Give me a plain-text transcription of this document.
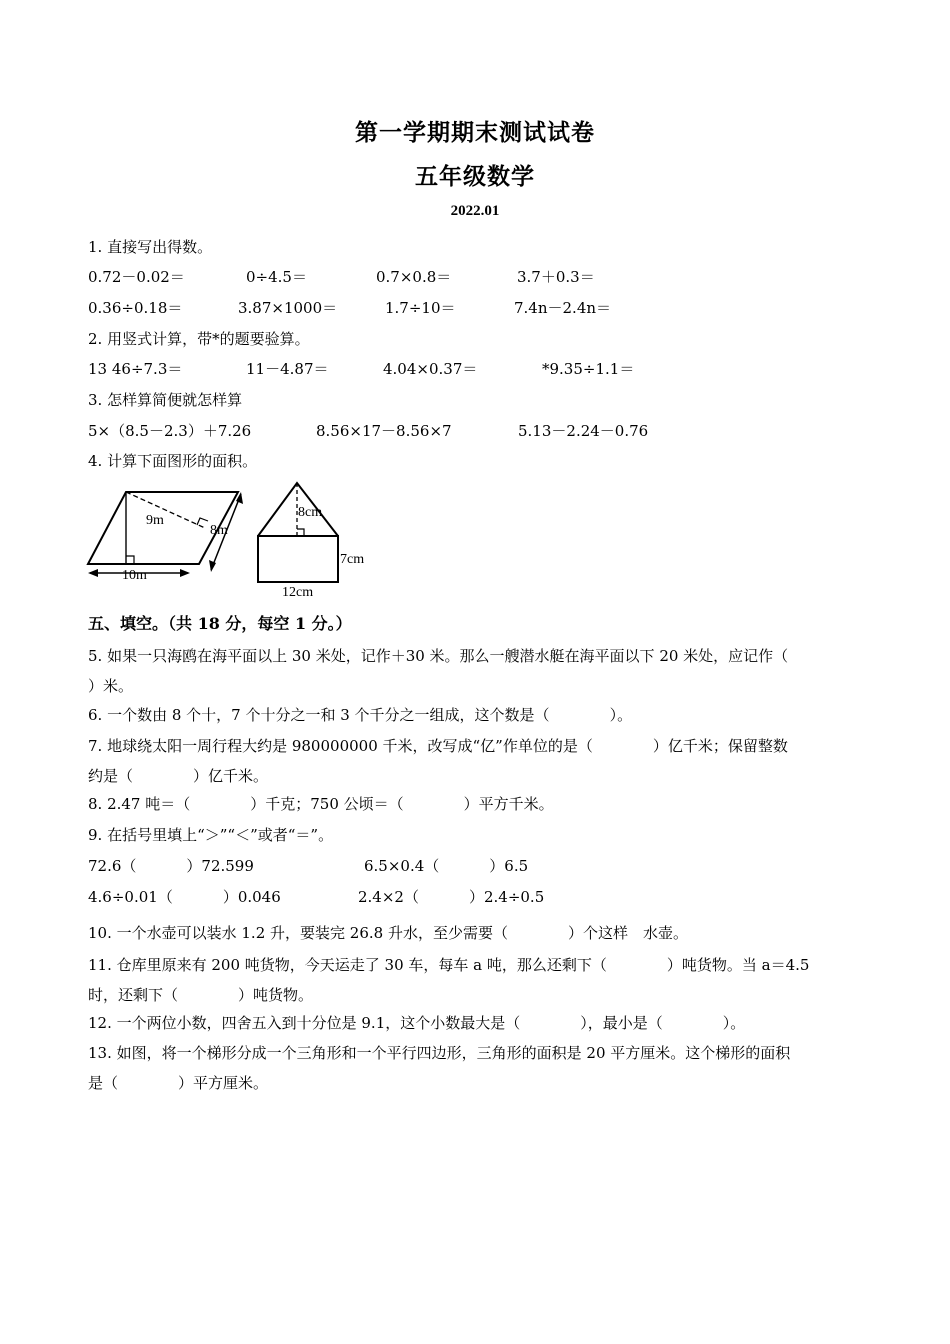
第一学期期末测试试卷
五年级数学
2022.01
1. 直接写出得数。
0.72－0.02＝	0÷4.5＝	0.7×0.8＝	3.7＋0.3＝
0.36÷0.18＝	3.87×1000＝	1.7÷10＝	7.4n－2.4n＝
2. 用竖式计算，带*的题要验算。
13 46÷7.3＝	11－4.87＝	4.04×0.37＝	*9.35÷1.1＝
3. 怎样算简便就怎样算
5×（8.5－2.3）＋7.26	8.56×17－8.56×7	5.13－2.24－0.76
4. 计算下面图形的面积。
9m
8m
10m
8cm
7cm
12cm
五、填空。（共 18 分，每空 1 分。）
5. 如果一只海鸥在海平面以上 30 米处，记作＋30 米。那么一艘潜水艇在海平面以下 20 米处，应记作（
）米。
6. 一个数由 8 个十，7 个十分之一和 3 个千分之一组成，这个数是（	）。
7. 地球绕太阳一周行程大约是 980000000 千米，改写成“亿”作单位的是（	）亿千米；保留整数
约是（	）亿千米。
8. 2.47 吨＝（	）千克；750 公顷＝（	）平方千米。
9. 在括号里填上“＞”“＜”或者“＝”。
72.6（	）72.599	6.5×0.4（	）6.5
4.6÷0.01（	）0.046	2.4×2（	）2.4÷0.5
10. 一个水壶可以装水 1.2 升，要装完 26.8 升水，至少需要（	）个这样　水壶。
11. 仓库里原来有 200 吨货物，今天运走了 30 车，每车 a 吨，那么还剩下（	）吨货物。当 a＝4.5
时，还剩下（	）吨货物。
12. 一个两位小数，四舍五入到十分位是 9.1，这个小数最大是（	），最小是（	）。
13. 如图，将一个梯形分成一个三角形和一个平行四边形，三角形的面积是 20 平方厘米。这个梯形的面积
是（	）平方厘米。
